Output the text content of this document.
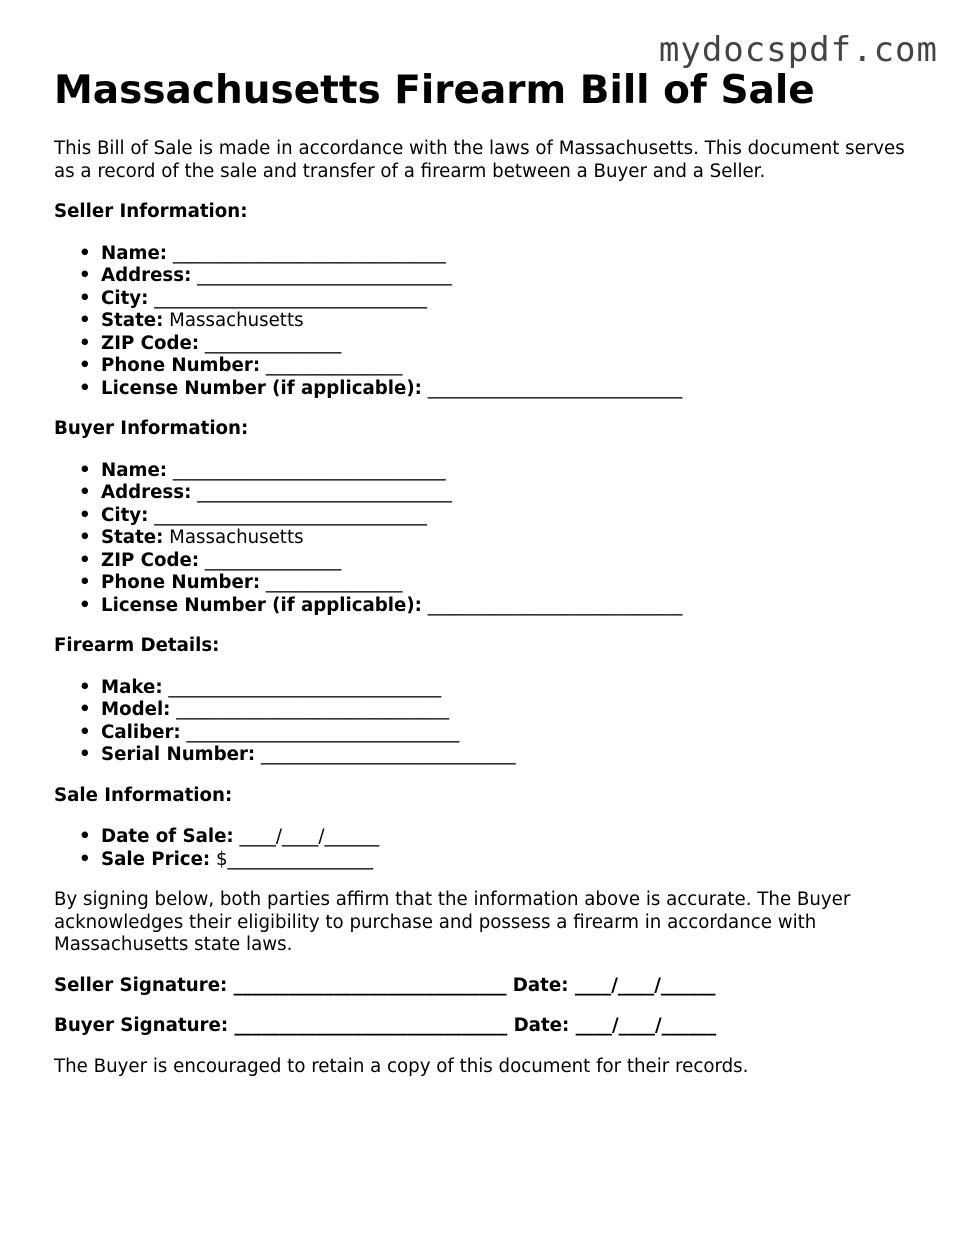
mydocspdf.com
Massachusetts Firearm Bill of Sale

This Bill of Sale is made in accordance with the laws of Massachusetts. This document serves as a record of the sale and transfer of a firearm between a Buyer and a Seller.

Seller Information:

• Name: ______________________________
• Address: ____________________________
• City: ______________________________
• State: Massachusetts
• ZIP Code: _______________
• Phone Number: _______________
• License Number (if applicable): ____________________________

Buyer Information:

• Name: ______________________________
• Address: ____________________________
• City: ______________________________
• State: Massachusetts
• ZIP Code: _______________
• Phone Number: _______________
• License Number (if applicable): ____________________________

Firearm Details:

• Make: ______________________________
• Model: ______________________________
• Caliber: ______________________________
• Serial Number: ____________________________

Sale Information:

• Date of Sale: ____/____/______
• Sale Price: $________________

By signing below, both parties affirm that the information above is accurate. The Buyer acknowledges their eligibility to purchase and possess a firearm in accordance with Massachusetts state laws.

Seller Signature: ______________________________ Date: ____/____/______

Buyer Signature: ______________________________ Date: ____/____/______

The Buyer is encouraged to retain a copy of this document for their records.
